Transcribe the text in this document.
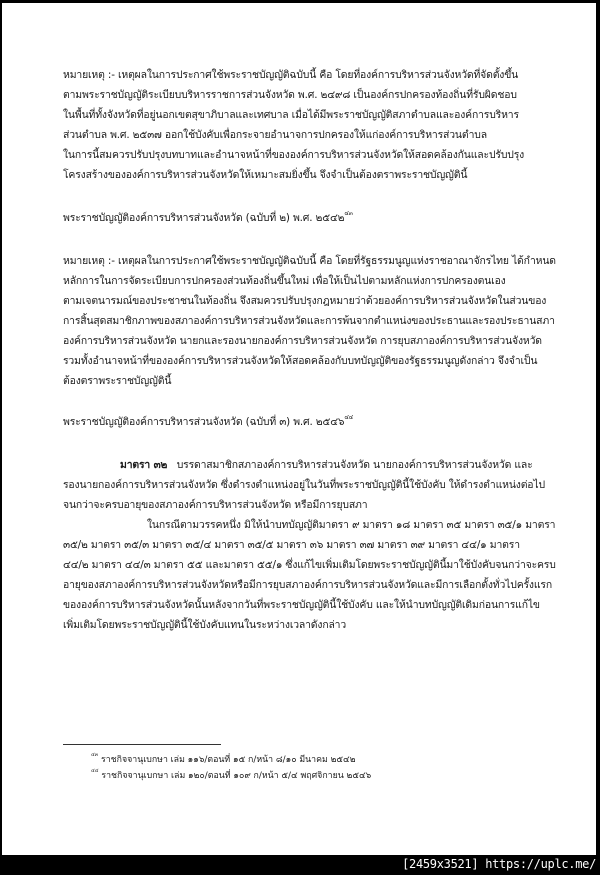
หมายเหตุ :- เหตุผลในการประกาศใช้พระราชบัญญัติฉบับนี้ คือ โดยที่องค์การบริหารส่วนจังหวัดที่จัดตั้งขึ้น
ตามพระราชบัญญัติระเบียบบริหารราชการส่วนจังหวัด พ.ศ. ๒๔๙๘ เป็นองค์กรปกครองท้องถิ่นที่รับผิดชอบ
ในพื้นที่ทั้งจังหวัดที่อยู่นอกเขตสุขาภิบาลและเทศบาล เมื่อได้มีพระราชบัญญัติสภาตำบลและองค์การบริหาร
ส่วนตำบล พ.ศ. ๒๕๓๗ ออกใช้บังคับเพื่อกระจายอำนาจการปกครองให้แก่องค์การบริหารส่วนตำบล
ในการนี้สมควรปรับปรุงบทบาทและอำนาจหน้าที่ขององค์การบริหารส่วนจังหวัดให้สอดคล้องกันและปรับปรุง
โครงสร้างขององค์การบริหารส่วนจังหวัดให้เหมาะสมยิ่งขึ้น จึงจำเป็นต้องตราพระราชบัญญัตินี้
พระราชบัญญัติองค์การบริหารส่วนจังหวัด (ฉบับที่ ๒) พ.ศ. ๒๕๔๒$^{๔๓}$
หมายเหตุ :- เหตุผลในการประกาศใช้พระราชบัญญัติฉบับนี้ คือ โดยที่รัฐธรรมนูญแห่งราชอาณาจักรไทย ได้กำหนด
หลักการในการจัดระเบียบการปกครองส่วนท้องถิ่นขึ้นใหม่ เพื่อให้เป็นไปตามหลักแห่งการปกครองตนเอง
ตามเจตนารมณ์ของประชาชนในท้องถิ่น จึงสมควรปรับปรุงกฎหมายว่าด้วยองค์การบริหารส่วนจังหวัดในส่วนของ
การสิ้นสุดสมาชิกภาพของสภาองค์การบริหารส่วนจังหวัดและการพ้นจากตำแหน่งของประธานและรองประธานสภา
องค์การบริหารส่วนจังหวัด นายกและรองนายกองค์การบริหารส่วนจังหวัด การยุบสภาองค์การบริหารส่วนจังหวัด
รวมทั้งอำนาจหน้าที่ขององค์การบริหารส่วนจังหวัดให้สอดคล้องกับบทบัญญัติของรัฐธรรมนูญดังกล่าว จึงจำเป็น
ต้องตราพระราชบัญญัตินี้
พระราชบัญญัติองค์การบริหารส่วนจังหวัด (ฉบับที่ ๓) พ.ศ. ๒๕๔๖$^{๔๔}$
มาตรา ๓๒ บรรดาสมาชิกสภาองค์การบริหารส่วนจังหวัด นายกองค์การบริหารส่วนจังหวัด และ
รองนายกองค์การบริหารส่วนจังหวัด ซึ่งดำรงตำแหน่งอยู่ในวันที่พระราชบัญญัตินี้ใช้บังคับ ให้ดำรงตำแหน่งต่อไป
จนกว่าจะครบอายุของสภาองค์การบริหารส่วนจังหวัด หรือมีการยุบสภา
ในกรณีตามวรรคหนึ่ง มิให้นำบทบัญญัติมาตรา ๙ มาตรา ๑๘ มาตรา ๓๕ มาตรา ๓๕/๑ มาตรา
๓๕/๒ มาตรา ๓๕/๓ มาตรา ๓๕/๔ มาตรา ๓๕/๕ มาตรา ๓๖ มาตรา ๓๗ มาตรา ๓๙ มาตรา ๔๔/๑ มาตรา
๔๔/๒ มาตรา ๔๔/๓ มาตรา ๕๕ และมาตรา ๕๕/๑ ซึ่งแก้ไขเพิ่มเติมโดยพระราชบัญญัตินี้มาใช้บังคับจนกว่าจะครบ
อายุของสภาองค์การบริหารส่วนจังหวัดหรือมีการยุบสภาองค์การบริหารส่วนจังหวัดและมีการเลือกตั้งทั่วไปครั้งแรก
ขององค์การบริหารส่วนจังหวัดนั้นหลังจากวันที่พระราชบัญญัตินี้ใช้บังคับ และให้นำบทบัญญัติเดิมก่อนการแก้ไข
เพิ่มเติมโดยพระราชบัญญัตินี้ใช้บังคับแทนในระหว่างเวลาดังกล่าว
$^{๔๓}$ ราชกิจจานุเบกษา เล่ม ๑๑๖/ตอนที่ ๑๕ ก/หน้า ๘/๑๐ มีนาคม ๒๕๔๒
$^{๔๔}$ ราชกิจจานุเบกษา เล่ม ๑๒๐/ตอนที่ ๑๐๙ ก/หน้า ๕/๔ พฤศจิกายน ๒๕๔๖
[2459x3521] https://uplc.me/
